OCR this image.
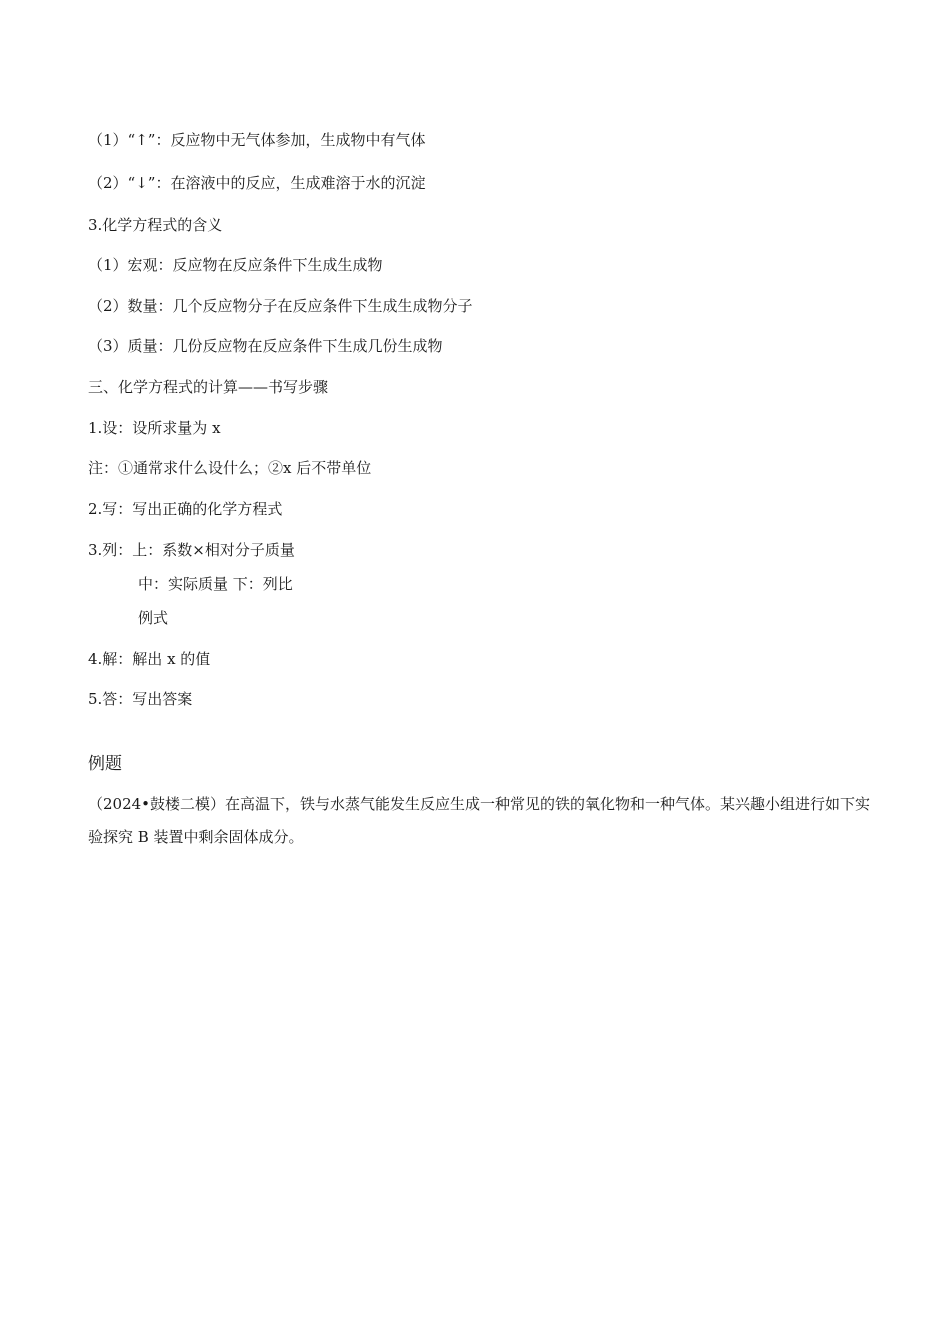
（1）“↑”：反应物中无气体参加，生成物中有气体
（2）“↓”：在溶液中的反应，生成难溶于水的沉淀
3.化学方程式的含义
（1）宏观：反应物在反应条件下生成生成物
（2）数量：几个反应物分子在反应条件下生成生成物分子
（3）质量：几份反应物在反应条件下生成几份生成物
三、化学方程式的计算——书写步骤
1.设：设所求量为 x
注：①通常求什么设什么；②x 后不带单位
2.写：写出正确的化学方程式
3.列：上：系数×相对分子质量
中：实际质量 下：列比
例式
4.解：解出 x 的值
5.答：写出答案
例题
（2024•鼓楼二模）在高温下，铁与水蒸气能发生反应生成一种常见的铁的氧化物和一种气体。某兴趣小组进行如下实验探究 B 装置中剩余固体成分。
